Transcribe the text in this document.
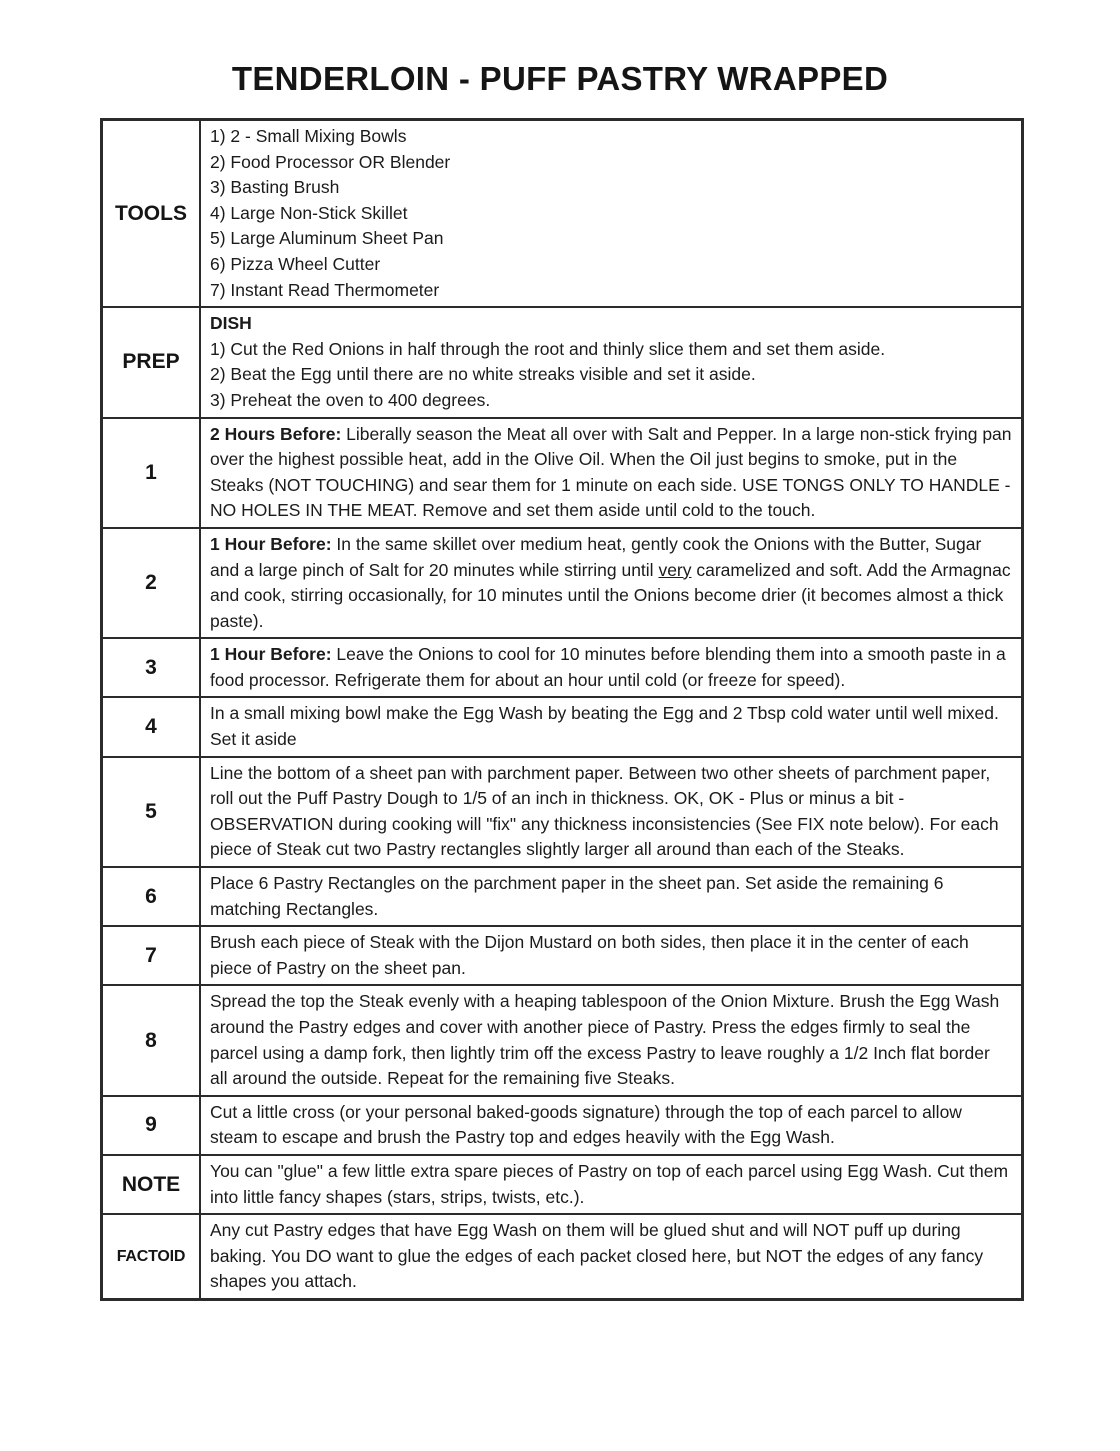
TENDERLOIN - PUFF PASTRY WRAPPED
TOOLS	1) 2 - Small Mixing Bowls
2) Food Processor OR Blender
3) Basting Brush
4) Large Non-Stick Skillet
5) Large Aluminum Sheet Pan
6) Pizza Wheel Cutter
7) Instant Read Thermometer
PREP	DISH
1) Cut the Red Onions in half through the root and thinly slice them and set them aside.
2) Beat the Egg until there are no white streaks visible and set it aside.
3) Preheat the oven to 400 degrees.
1	2 Hours Before: Liberally season the Meat all over with Salt and Pepper. In a large non-stick frying pan over the highest possible heat, add in the Olive Oil. When the Oil just begins to smoke, put in the Steaks (NOT TOUCHING) and sear them for 1 minute on each side. USE TONGS ONLY TO HANDLE - NO HOLES IN THE MEAT. Remove and set them aside until cold to the touch.
2	1 Hour Before: In the same skillet over medium heat, gently cook the Onions with the Butter, Sugar and a large pinch of Salt for 20 minutes while stirring until very caramelized and soft. Add the Armagnac and cook, stirring occasionally, for 10 minutes until the Onions become drier (it becomes almost a thick paste).
3	1 Hour Before: Leave the Onions to cool for 10 minutes before blending them into a smooth paste in a food processor. Refrigerate them for about an hour until cold (or freeze for speed).
4	In a small mixing bowl make the Egg Wash by beating the Egg and 2 Tbsp cold water until well mixed. Set it aside
5	Line the bottom of a sheet pan with parchment paper. Between two other sheets of parchment paper, roll out the Puff Pastry Dough to 1/5 of an inch in thickness. OK, OK - Plus or minus a bit - OBSERVATION during cooking will "fix" any thickness inconsistencies (See FIX note below). For each piece of Steak cut two Pastry rectangles slightly larger all around than each of the Steaks.
6	Place 6 Pastry Rectangles on the parchment paper in the sheet pan. Set aside the remaining 6 matching Rectangles.
7	Brush each piece of Steak with the Dijon Mustard on both sides, then place it in the center of each piece of Pastry on the sheet pan.
8	Spread the top the Steak evenly with a heaping tablespoon of the Onion Mixture. Brush the Egg Wash around the Pastry edges and cover with another piece of Pastry. Press the edges firmly to seal the parcel using a damp fork, then lightly trim off the excess Pastry to leave roughly a 1/2 Inch flat border all around the outside. Repeat for the remaining five Steaks.
9	Cut a little cross (or your personal baked-goods signature) through the top of each parcel to allow steam to escape and brush the Pastry top and edges heavily with the Egg Wash.
NOTE	You can "glue" a few little extra spare pieces of Pastry on top of each parcel using Egg Wash. Cut them into little fancy shapes (stars, strips, twists, etc.).
FACTOID	Any cut Pastry edges that have Egg Wash on them will be glued shut and will NOT puff up during baking. You DO want to glue the edges of each packet closed here, but NOT the edges of any fancy shapes you attach.
